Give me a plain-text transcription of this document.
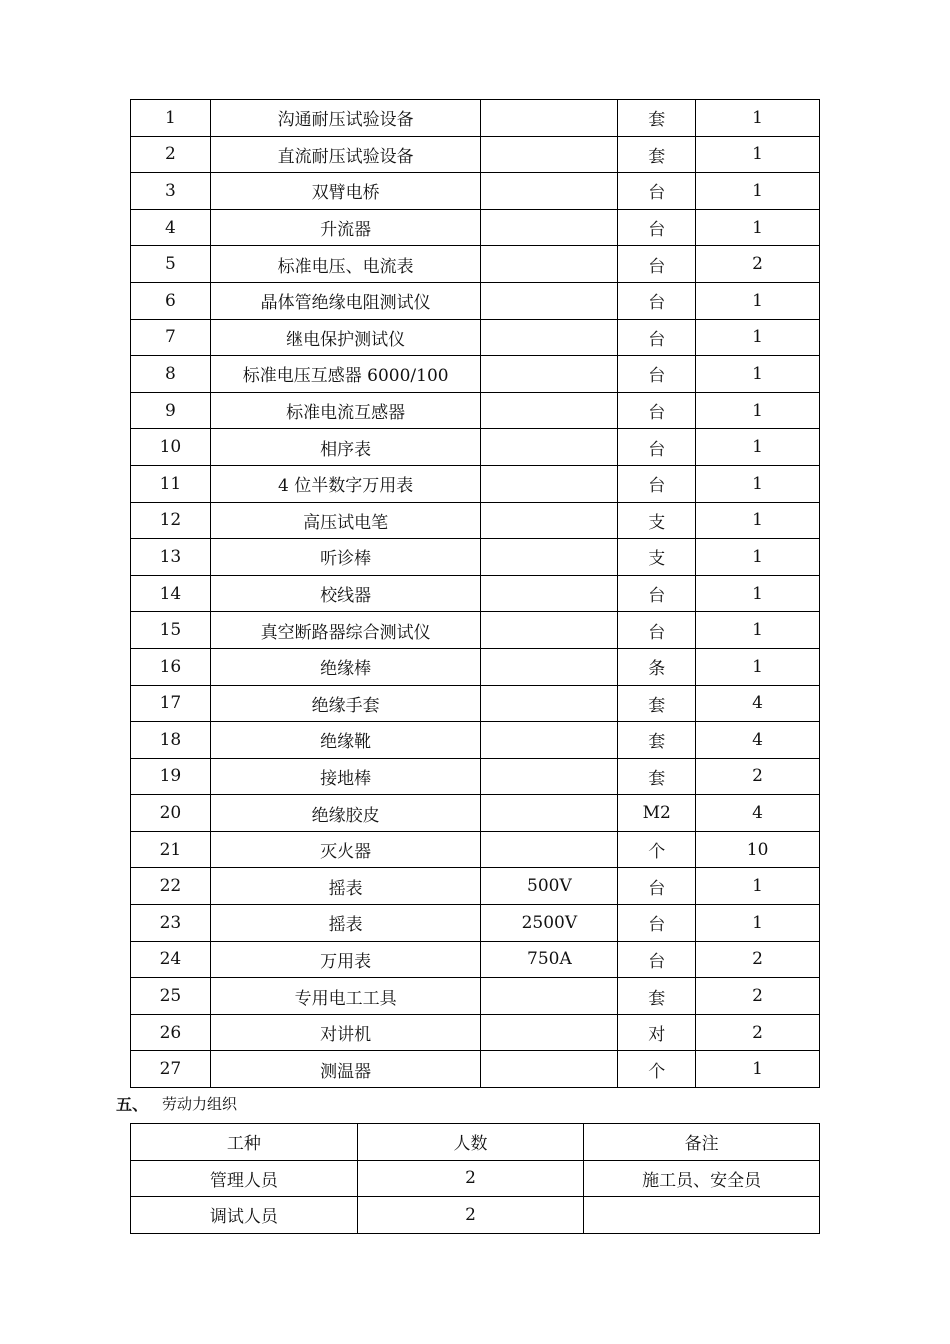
1	沟通耐压试验设备		套	1
2	直流耐压试验设备		套	1
3	双臂电桥		台	1
4	升流器		台	1
5	标准电压、电流表		台	2
6	晶体管绝缘电阻测试仪		台	1
7	继电保护测试仪		台	1
8	标准电压互感器 6000/100		台	1
9	标准电流互感器		台	1
10	相序表		台	1
11	4 位半数字万用表		台	1
12	高压试电笔		支	1
13	听诊棒		支	1
14	校线器		台	1
15	真空断路器综合测试仪		台	1
16	绝缘棒		条	1
17	绝缘手套		套	4
18	绝缘靴		套	4
19	接地棒		套	2
20	绝缘胶皮		M2	4
21	灭火器		个	10
22	摇表	500V	台	1
23	摇表	2500V	台	1
24	万用表	750A	台	2
25	专用电工工具		套	2
26	对讲机		对	2
27	测温器		个	1
五、 劳动力组织
工种	人数	备注
管理人员	2	施工员、安全员
调试人员	2	
